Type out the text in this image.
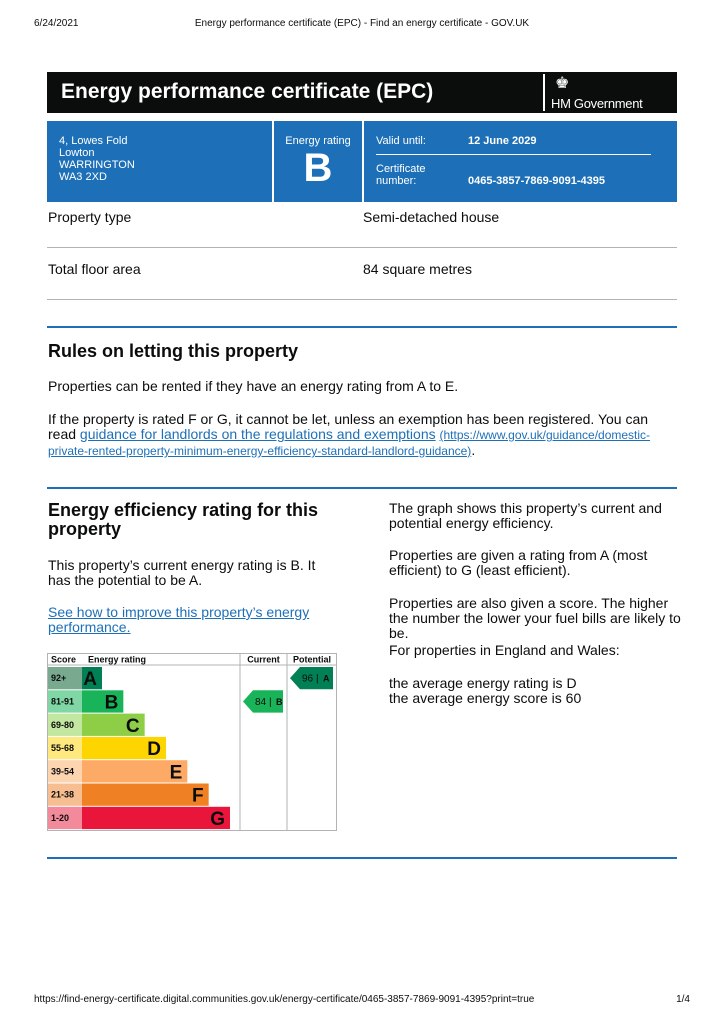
6/24/2021	Energy performance certificate (EPC) - Find an energy certificate - GOV.UK
Energy performance certificate (EPC)	♚
HM Government
4, Lowes Fold
Lowton
WARRINGTON
WA3 2XD
Energy rating
B
Valid until:	12 June 2029
Certificate number:	0465-3857-7869-9091-4395
Property type	Semi-detached house
Total floor area	84 square metres
Rules on letting this property

Properties can be rented if they have an energy rating from A to E.

If the property is rated F or G, it cannot be let, unless an exemption has been registered. You can read guidance for landlords on the regulations and exemptions (https://www.gov.uk/guidance/domestic-private-rented-property-minimum-energy-efficiency-standard-landlord-guidance).

Energy efficiency rating for this property

This property’s current energy rating is B. It has the potential to be A.

See how to improve this property’s energy performance.

The graph shows this property’s current and potential energy efficiency.

Properties are given a rating from A (most efficient) to G (least efficient).

Properties are also given a score. The higher the number the lower your fuel bills are likely to be.

For properties in England and Wales:

the average energy rating is D

the average energy score is 60

Score Energy rating	Current Potential
92+ A
81-91 B
69-80	C
55-68	D
39-54	E
21-38	F
1-20	G
84 | B
96 | A
https://find-energy-certificate.digital.communities.gov.uk/energy-certificate/0465-3857-7869-9091-4395?print=true	1/4
